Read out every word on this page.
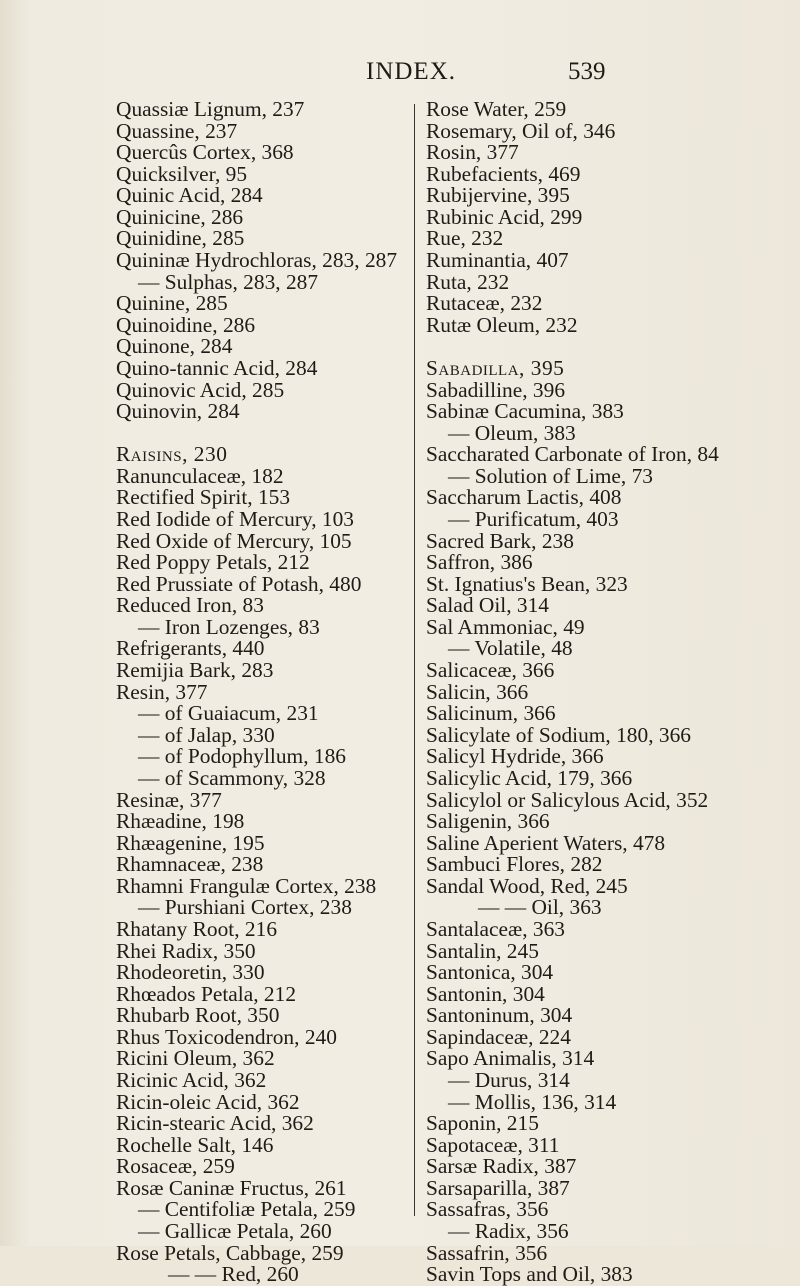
INDEX.	539
Quassiæ Lignum, 237
Quassine, 237
Quercûs Cortex, 368
Quicksilver, 95
Quinic Acid, 284
Quinicine, 286
Quinidine, 285
Quininæ Hydrochloras, 283, 287
— Sulphas, 283, 287
Quinine, 285
Quinoidine, 286
Quinone, 284
Quino-tannic Acid, 284
Quinovic Acid, 285
Quinovin, 284
Raisins, 230
Ranunculaceæ, 182
Rectified Spirit, 153
Red Iodide of Mercury, 103
Red Oxide of Mercury, 105
Red Poppy Petals, 212
Red Prussiate of Potash, 480
Reduced Iron, 83
— Iron Lozenges, 83
Refrigerants, 440
Remijia Bark, 283
Resin, 377
— of Guaiacum, 231
— of Jalap, 330
— of Podophyllum, 186
— of Scammony, 328
Resinæ, 377
Rhæadine, 198
Rhæagenine, 195
Rhamnaceæ, 238
Rhamni Frangulæ Cortex, 238
— Purshiani Cortex, 238
Rhatany Root, 216
Rhei Radix, 350
Rhodeoretin, 330
Rhœados Petala, 212
Rhubarb Root, 350
Rhus Toxicodendron, 240
Ricini Oleum, 362
Ricinic Acid, 362
Ricin-oleic Acid, 362
Ricin-stearic Acid, 362
Rochelle Salt, 146
Rosaceæ, 259
Rosæ Caninæ Fructus, 261
— Centifoliæ Petala, 259
— Gallicæ Petala, 260
Rose Petals, Cabbage, 259
— — Red, 260
Rose Water, 259
Rosemary, Oil of, 346
Rosin, 377
Rubefacients, 469
Rubijervine, 395
Rubinic Acid, 299
Rue, 232
Ruminantia, 407
Ruta, 232
Rutaceæ, 232
Rutæ Oleum, 232
Sabadilla, 395
Sabadilline, 396
Sabinæ Cacumina, 383
— Oleum, 383
Saccharated Carbonate of Iron, 84
— Solution of Lime, 73
Saccharum Lactis, 408
— Purificatum, 403
Sacred Bark, 238
Saffron, 386
St. Ignatius's Bean, 323
Salad Oil, 314
Sal Ammoniac, 49
— Volatile, 48
Salicaceæ, 366
Salicin, 366
Salicinum, 366
Salicylate of Sodium, 180, 366
Salicyl Hydride, 366
Salicylic Acid, 179, 366
Salicylol or Salicylous Acid, 352
Saligenin, 366
Saline Aperient Waters, 478
Sambuci Flores, 282
Sandal Wood, Red, 245
— — Oil, 363
Santalaceæ, 363
Santalin, 245
Santonica, 304
Santonin, 304
Santoninum, 304
Sapindaceæ, 224
Sapo Animalis, 314
— Durus, 314
— Mollis, 136, 314
Saponin, 215
Sapotaceæ, 311
Sarsæ Radix, 387
Sarsaparilla, 387
Sassafras, 356
— Radix, 356
Sassafrin, 356
Savin Tops and Oil, 383
